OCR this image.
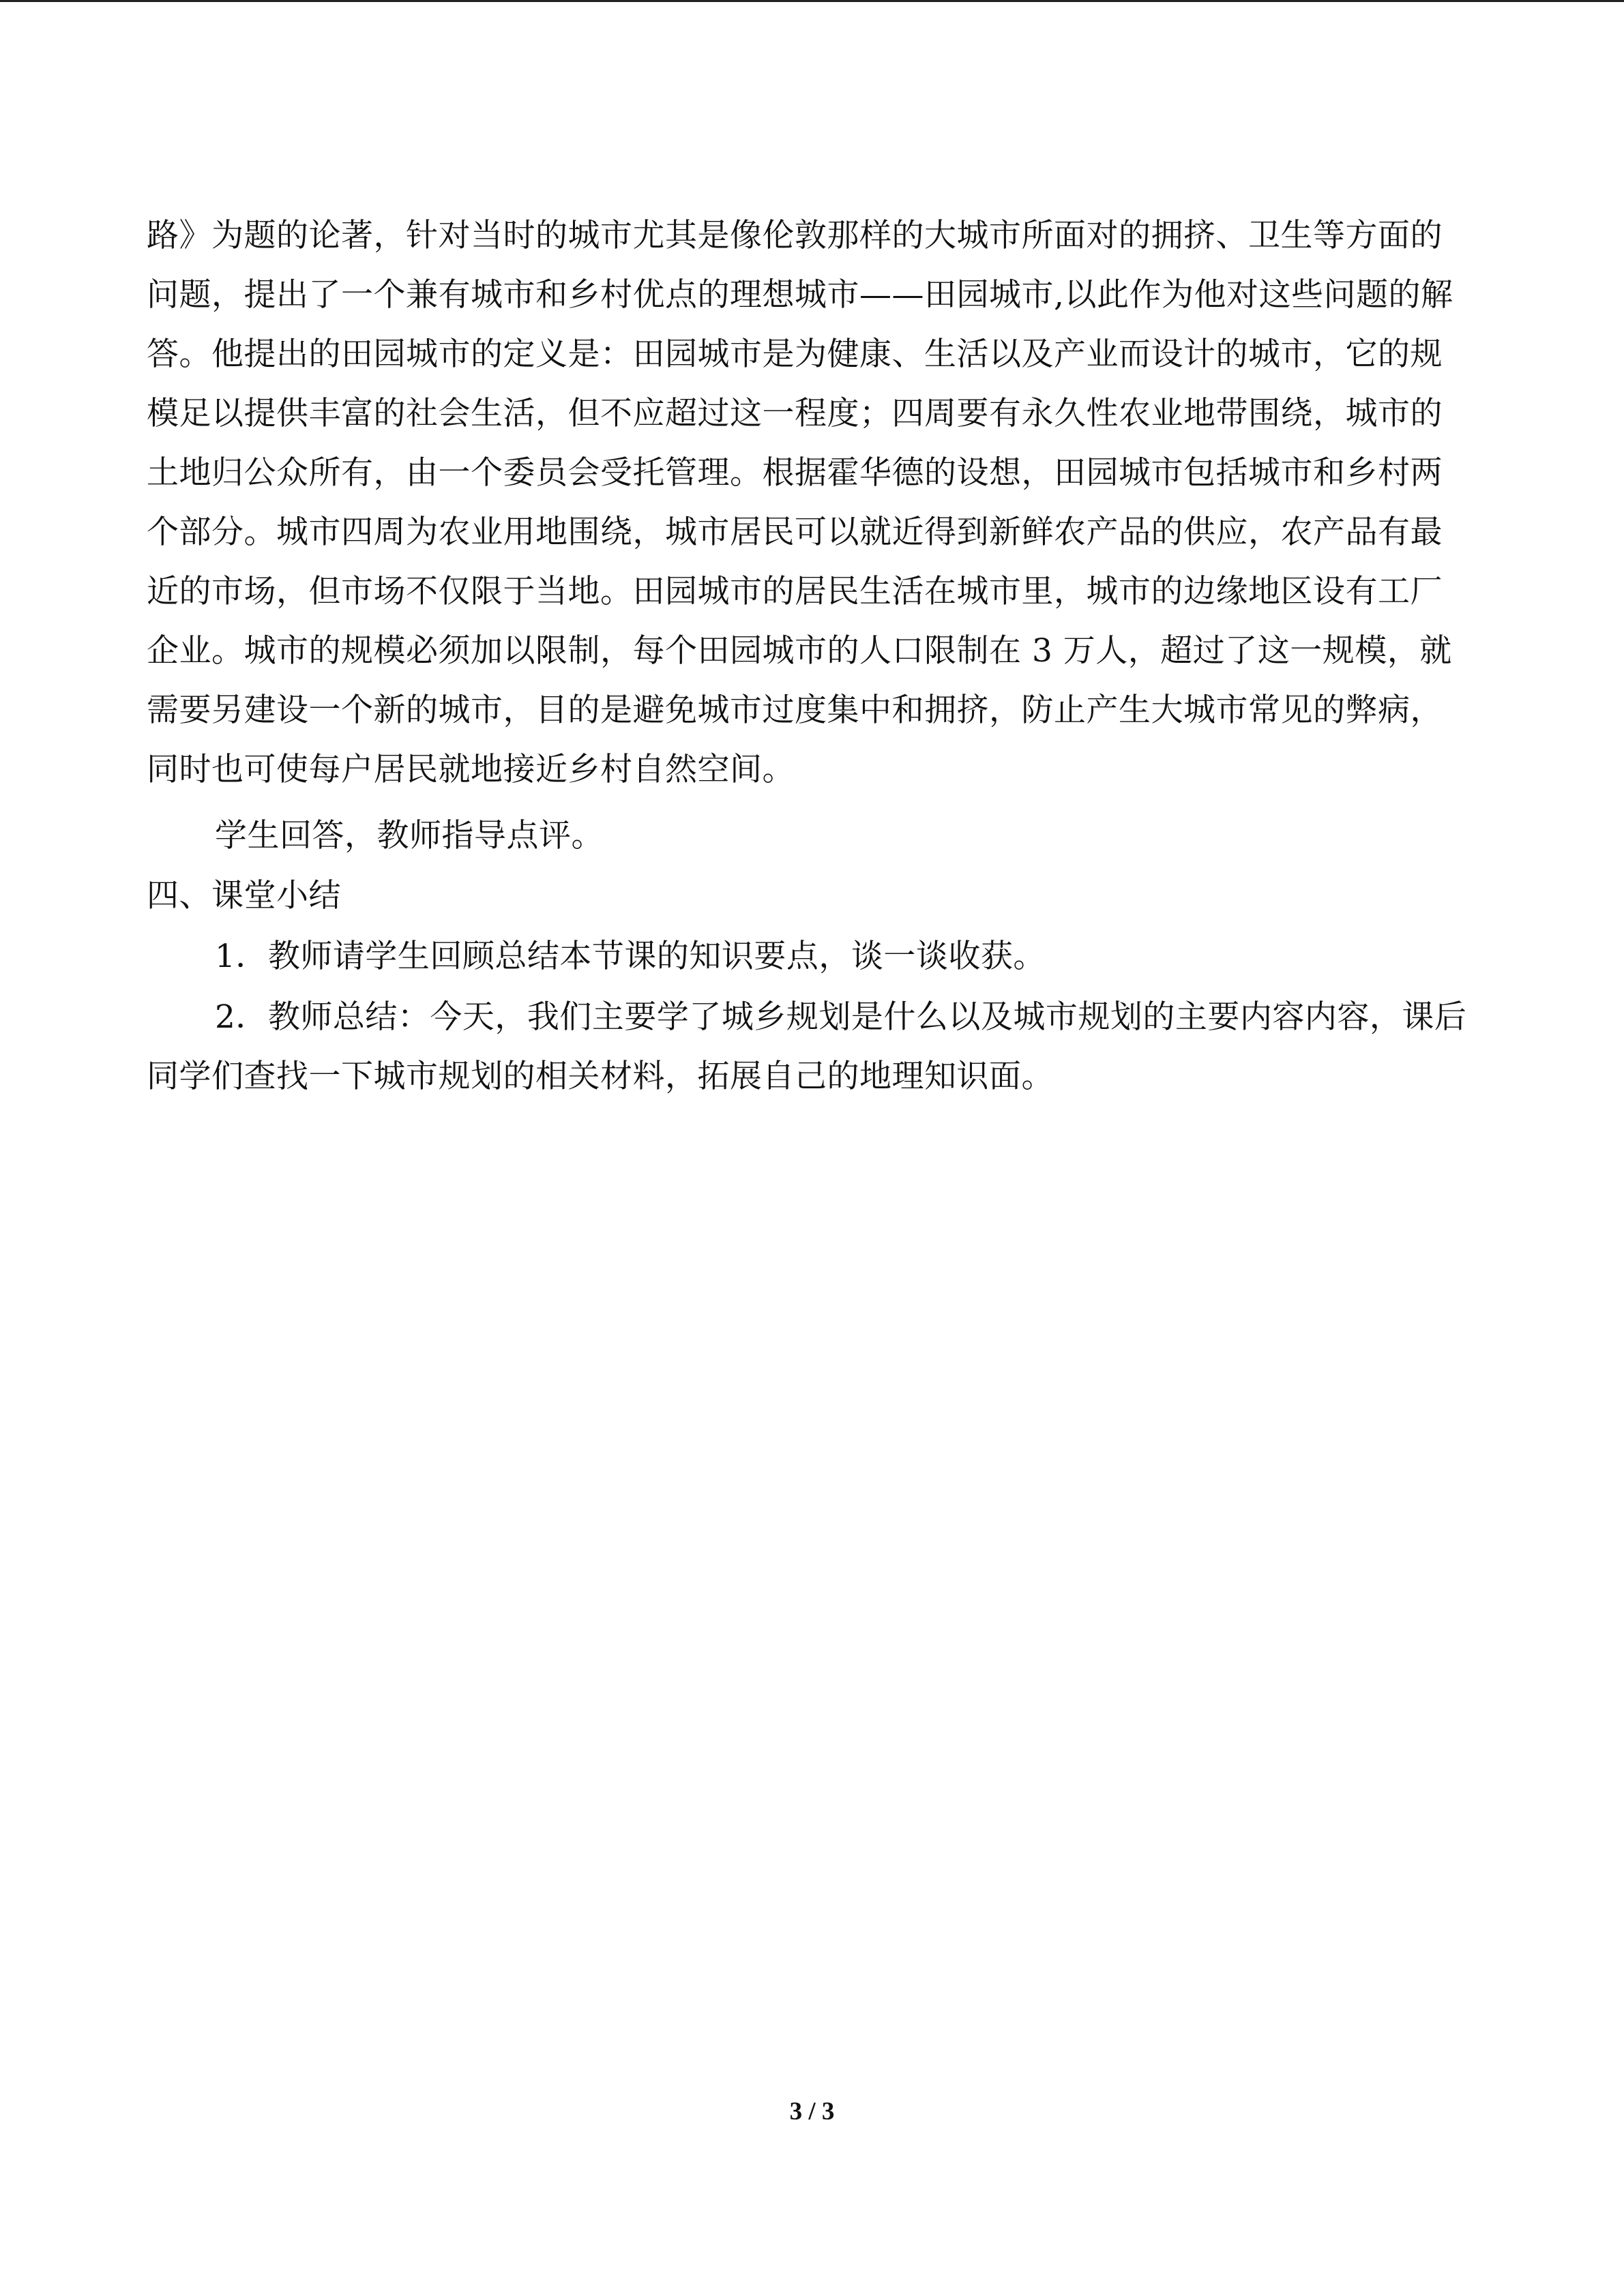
路》为题的论著，针对当时的城市尤其是像伦敦那样的大城市所面对的拥挤、卫生等方面的

问题，提出了一个兼有城市和乡村优点的理想城市——田园城市,以此作为他对这些问题的解

答。他提出的田园城市的定义是：田园城市是为健康、生活以及产业而设计的城市，它的规

模足以提供丰富的社会生活，但不应超过这一程度；四周要有永久性农业地带围绕，城市的

土地归公众所有，由一个委员会受托管理。根据霍华德的设想，田园城市包括城市和乡村两

个部分。城市四周为农业用地围绕，城市居民可以就近得到新鲜农产品的供应，农产品有最

近的市场，但市场不仅限于当地。田园城市的居民生活在城市里，城市的边缘地区设有工厂

企业。城市的规模必须加以限制，每个田园城市的人口限制在 3 万人，超过了这一规模，就

需要另建设一个新的城市，目的是避免城市过度集中和拥挤，防止产生大城市常见的弊病，

同时也可使每户居民就地接近乡村自然空间。

学生回答，教师指导点评。

四、课堂小结

1．教师请学生回顾总结本节课的知识要点，谈一谈收获。

2．教师总结：今天，我们主要学了城乡规划是什么以及城市规划的主要内容内容，课后

同学们查找一下城市规划的相关材料，拓展自己的地理知识面。

3 / 3
